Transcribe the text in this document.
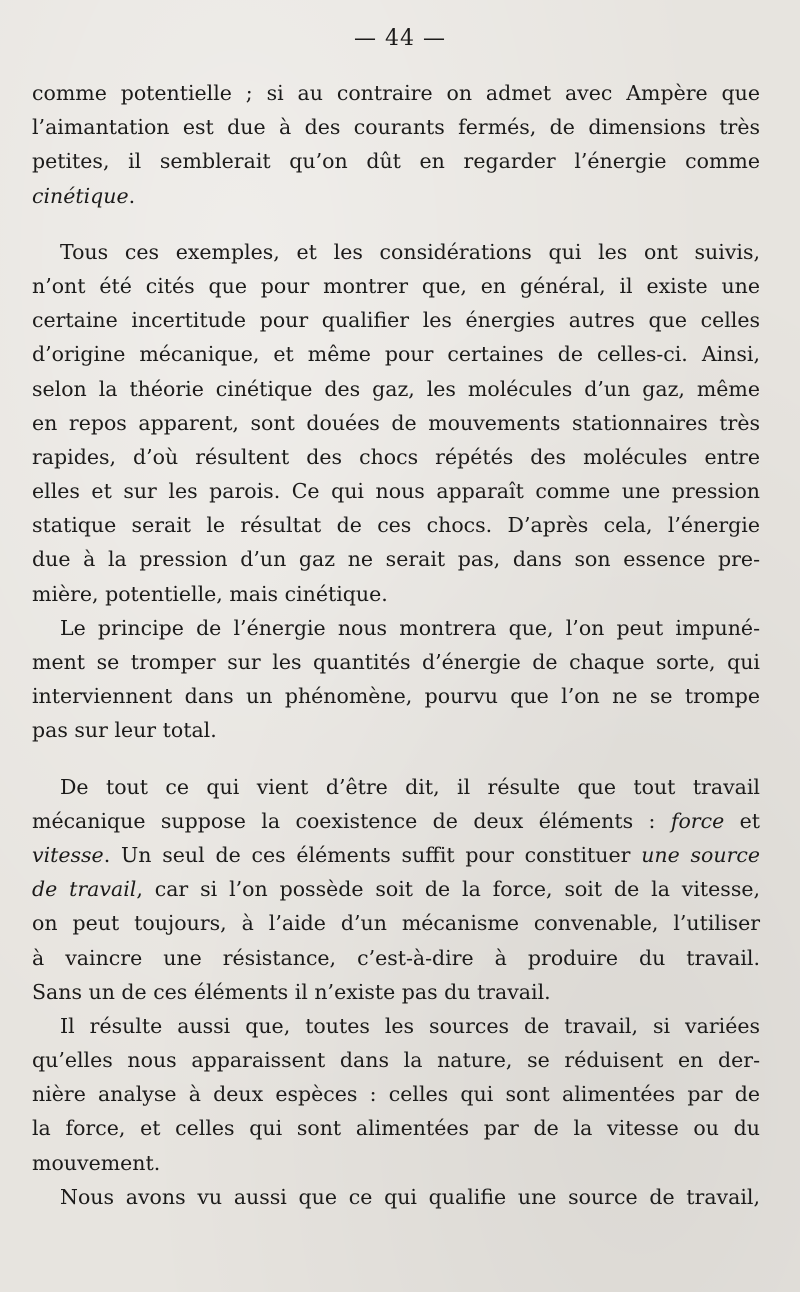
— 44 —
comme potentielle ; si au contraire on admet avec Ampère que
l’aimantation est due à des courants fermés, de dimensions très
petites, il semblerait qu’on dût en regarder l’énergie comme
cinétique.
Tous ces exemples, et les considérations qui les ont suivis,
n’ont été cités que pour montrer que, en général, il existe une
certaine incertitude pour qualifier les énergies autres que celles
d’origine mécanique, et même pour certaines de celles-ci. Ainsi,
selon la théorie cinétique des gaz, les molécules d’un gaz, même
en repos apparent, sont douées de mouvements stationnaires très
rapides, d’où résultent des chocs répétés des molécules entre
elles et sur les parois. Ce qui nous apparaît comme une pression
statique serait le résultat de ces chocs. D’après cela, l’énergie
due à la pression d’un gaz ne serait pas, dans son essence pre-
mière, potentielle, mais cinétique.
Le principe de l’énergie nous montrera que, l’on peut impuné-
ment se tromper sur les quantités d’énergie de chaque sorte, qui
interviennent dans un phénomène, pourvu que l’on ne se trompe
pas sur leur total.
De tout ce qui vient d’être dit, il résulte que tout travail
mécanique suppose la coexistence de deux éléments : force et
vitesse. Un seul de ces éléments suffit pour constituer une source
de travail, car si l’on possède soit de la force, soit de la vitesse,
on peut toujours, à l’aide d’un mécanisme convenable, l’utiliser
à vaincre une résistance, c’est-à-dire à produire du travail.
Sans un de ces éléments il n’existe pas du travail.
Il résulte aussi que, toutes les sources de travail, si variées
qu’elles nous apparaissent dans la nature, se réduisent en der-
nière analyse à deux espèces : celles qui sont alimentées par de
la force, et celles qui sont alimentées par de la vitesse ou du
mouvement.
Nous avons vu aussi que ce qui qualifie une source de travail,
